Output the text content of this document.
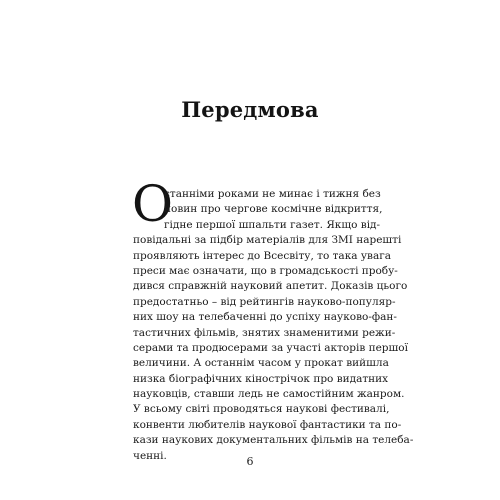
Передмова
О
станніми роками не минає і тижня без
новин про чергове космічне відкриття,
гідне першої шпальти газет. Якщо від-
повідальні за підбір матеріалів для ЗМІ нарешті
проявляють інтерес до Всесвіту, то така увага
преси має означати, що в громадськості пробу-
дився справжній науковий апетит. Доказів цього
предостатньо – від рейтингів науково-популяр-
них шоу на телебаченні до успіху науково-фан-
тастичних фільмів, знятих знаменитими режи-
серами та продюсерами за участі акторів першої
величини. А останнім часом у прокат вийшла
низка біографічних кінострічок про видатних
науковців, ставши ледь не самостійним жанром.
У всьому світі проводяться наукові фестивалі,
конвенти любителів наукової фантастики та по-
кази наукових документальних фільмів на телеба-
ченні.	6
